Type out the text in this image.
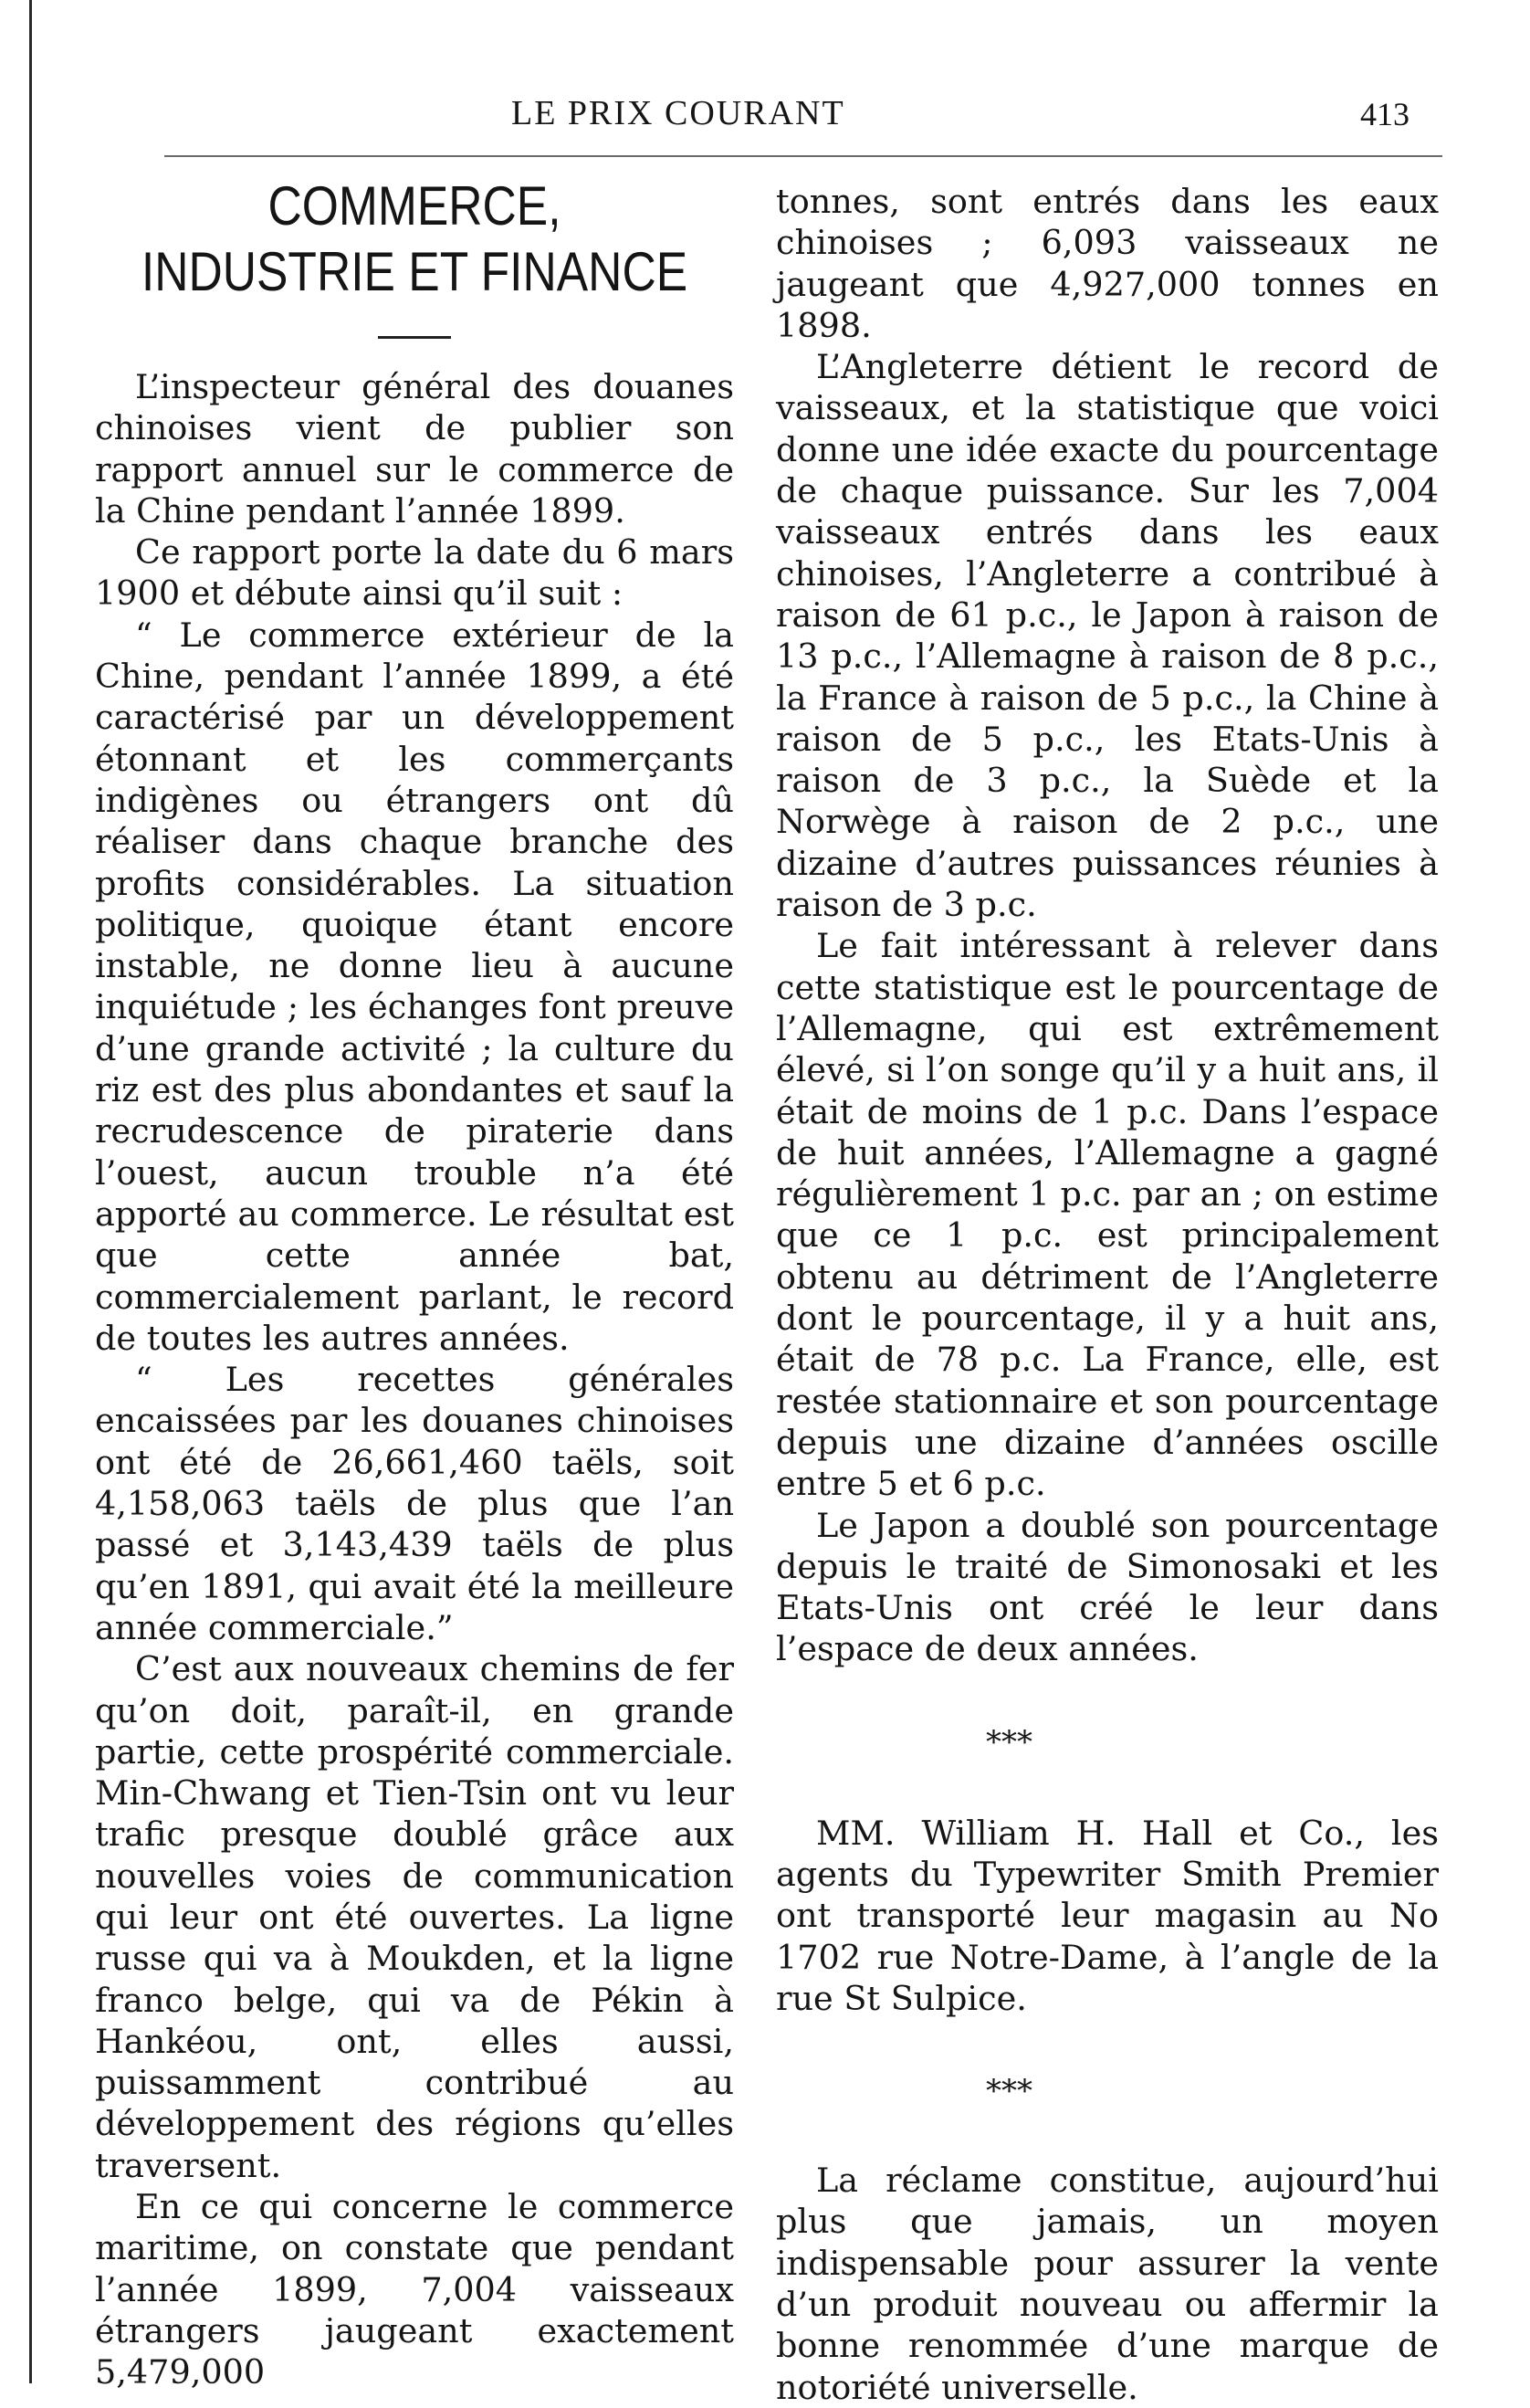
LE PRIX COURANT	413
COMMERCE,
INDUSTRIE ET FINANCE

L’inspecteur général des douanes chinoises vient de publier son rapport annuel sur le commerce de la Chine pendant l’année 1899.

Ce rapport porte la date du 6 mars 1900 et débute ainsi qu’il suit :

“ Le commerce extérieur de la Chine, pendant l’année 1899, a été caractérisé par un développement étonnant et les commerçants indigènes ou étrangers ont dû réaliser dans chaque branche des profits considérables. La situation politique, quoique étant encore instable, ne donne lieu à aucune inquiétude ; les échanges font preuve d’une grande activité ; la culture du riz est des plus abondantes et sauf la recrudescence de piraterie dans l’ouest, aucun trouble n’a été apporté au commerce. Le résultat est que cette année bat, commercialement parlant, le record de toutes les autres années.

“ Les recettes générales encaissées par les douanes chinoises ont été de 26,661,460 taëls, soit 4,158,063 taëls de plus que l’an passé et 3,143,439 taëls de plus qu’en 1891, qui avait été la meilleure année commerciale.”

C’est aux nouveaux chemins de fer qu’on doit, paraît-il, en grande partie, cette prospérité commerciale. Min-Chwang et Tien-Tsin ont vu leur trafic presque doublé grâce aux nouvelles voies de communication qui leur ont été ouvertes. La ligne russe qui va à Moukden, et la ligne franco belge, qui va de Pékin à Hankéou, ont, elles aussi, puissamment contribué au développement des régions qu’elles traversent.

En ce qui concerne le commerce maritime, on constate que pendant l’année 1899, 7,004 vaisseaux étrangers jaugeant exactement 5,479,000

tonnes, sont entrés dans les eaux chinoises ; 6,093 vaisseaux ne jaugeant que 4,927,000 tonnes en 1898.

L’Angleterre détient le record de vaisseaux, et la statistique que voici donne une idée exacte du pourcentage de chaque puissance. Sur les 7,004 vaisseaux entrés dans les eaux chinoises, l’Angleterre a contribué à raison de 61 p.c., le Japon à raison de 13 p.c., l’Allemagne à raison de 8 p.c., la France à raison de 5 p.c., la Chine à raison de 5 p.c., les Etats-Unis à raison de 3 p.c., la Suède et la Norwège à raison de 2 p.c., une dizaine d’autres puissances réunies à raison de 3 p.c.

Le fait intéressant à relever dans cette statistique est le pourcentage de l’Allemagne, qui est extrêmement élevé, si l’on songe qu’il y a huit ans, il était de moins de 1 p.c. Dans l’espace de huit années, l’Allemagne a gagné régulièrement 1 p.c. par an ; on estime que ce 1 p.c. est principalement obtenu au détriment de l’Angleterre dont le pourcentage, il y a huit ans, était de 78 p.c. La France, elle, est restée stationnaire et son pourcentage depuis une dizaine d’années oscille entre 5 et 6 p.c.

Le Japon a doublé son pourcentage depuis le traité de Simonosaki et les Etats-Unis ont créé le leur dans l’espace de deux années.

***

MM. William H. Hall et Co., les agents du Typewriter Smith Premier ont transporté leur magasin au No 1702 rue Notre-Dame, à l’angle de la rue St Sulpice.

***

La réclame constitue, aujourd’hui plus que jamais, un moyen indispensable pour assurer la vente d’un produit nouveau ou affermir la bonne renommée d’une marque de notoriété universelle.
